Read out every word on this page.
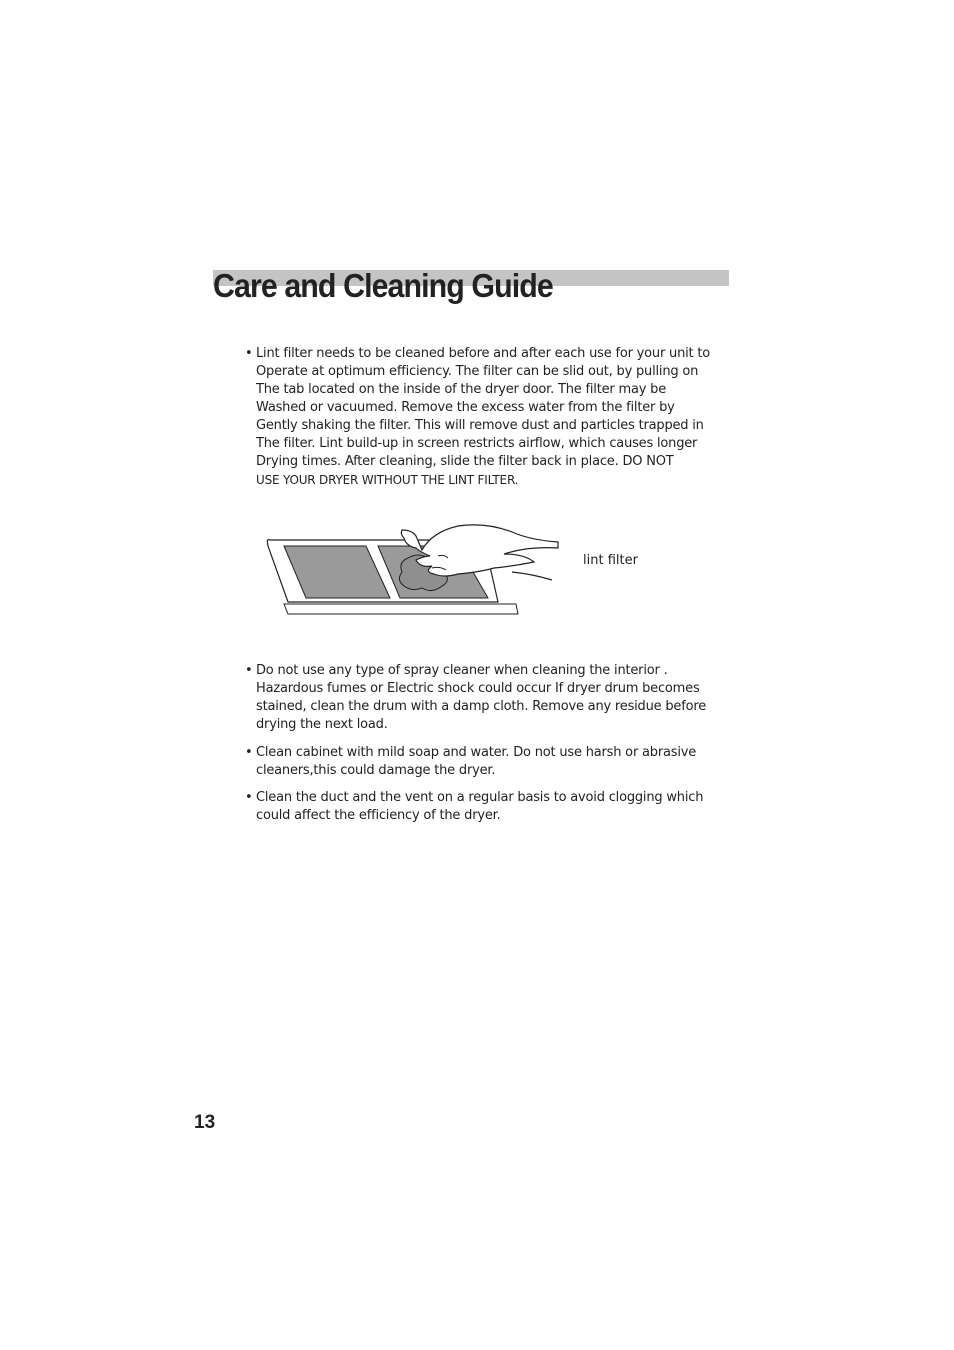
Care and Cleaning Guide
• Lint filter needs to be cleaned before and after each use for your unit to
Operate at optimum efficiency. The filter can be slid out, by pulling on
The tab located on the inside of the dryer door. The filter may be
Washed or vacuumed. Remove the excess water from the filter by
Gently shaking the filter. This will remove dust and particles trapped in
The filter. Lint build-up in screen restricts airflow, which causes longer
Drying times. After cleaning, slide the filter back in place. DO NOT
USE YOUR DRYER WITHOUT THE LINT FILTER.
lint filter
• Do not use any type of spray cleaner when cleaning the interior .
Hazardous fumes or Electric shock could occur If dryer drum becomes
stained, clean the drum with a damp cloth. Remove any residue before
drying the next load.
• Clean cabinet with mild soap and water. Do not use harsh or abrasive
cleaners,this could damage the dryer.
• Clean the duct and the vent on a regular basis to avoid clogging which
could affect the efficiency of the dryer.
13
